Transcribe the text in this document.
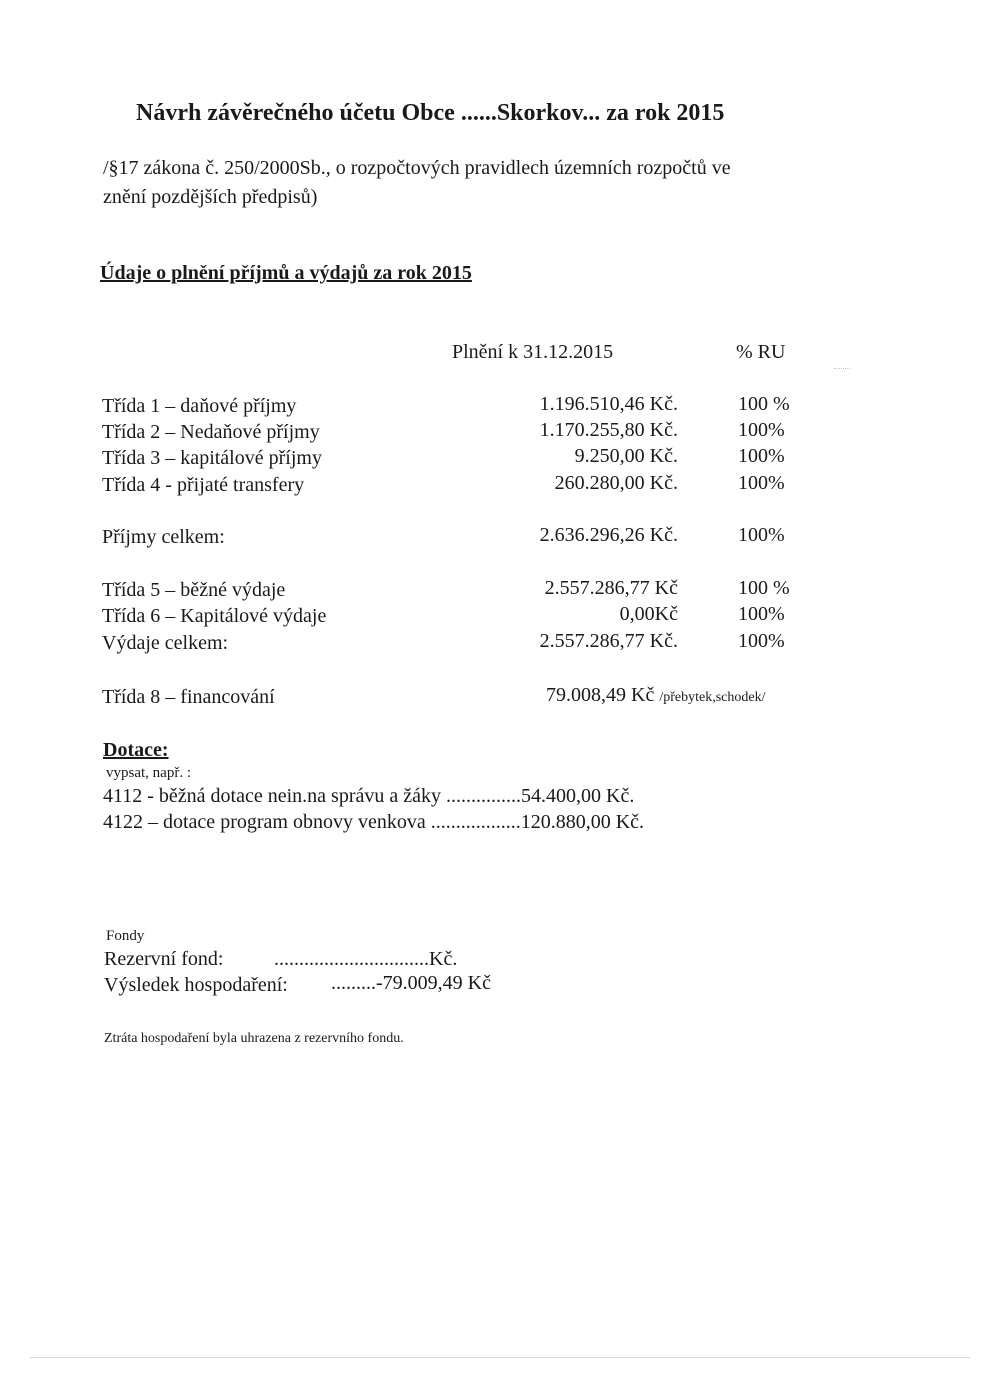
Návrh závěrečného účetu Obce ......Skorkov... za rok 2015
/§17 zákona č. 250/2000Sb., o rozpočtových pravidlech územních rozpočtů ve
znění pozdějších předpisů)
Údaje o plnění příjmů a výdajů za rok 2015
Plnění k 31.12.2015	% RU
Třída 1 – daňové příjmy	1.196.510,46 Kč.	100 %
Třída 2 – Nedaňové příjmy	1.170.255,80 Kč.	100%
Třída 3 – kapitálové příjmy	9.250,00 Kč.	100%
Třída 4 - přijaté transfery	260.280,00 Kč.	100%
Příjmy celkem:	2.636.296,26 Kč.	100%
Třída 5 – běžné výdaje	2.557.286,77 Kč	100 %
Třída 6 – Kapitálové výdaje	0,00Kč	100%
Výdaje celkem:	2.557.286,77 Kč.	100%
Třída 8 – financování	79.008,49 Kč /přebytek,schodek/
Dotace:
vypsat, např. :
4112 - běžná dotace nein.na správu a žáky ...............54.400,00 Kč.
4122 – dotace program obnovy venkova ..................120.880,00 Kč.
Fondy
Rezervní fond:	...............................Kč.
Výsledek hospodaření: .........-79.009,49 Kč
Ztráta hospodaření byla uhrazena z rezervního fondu.
